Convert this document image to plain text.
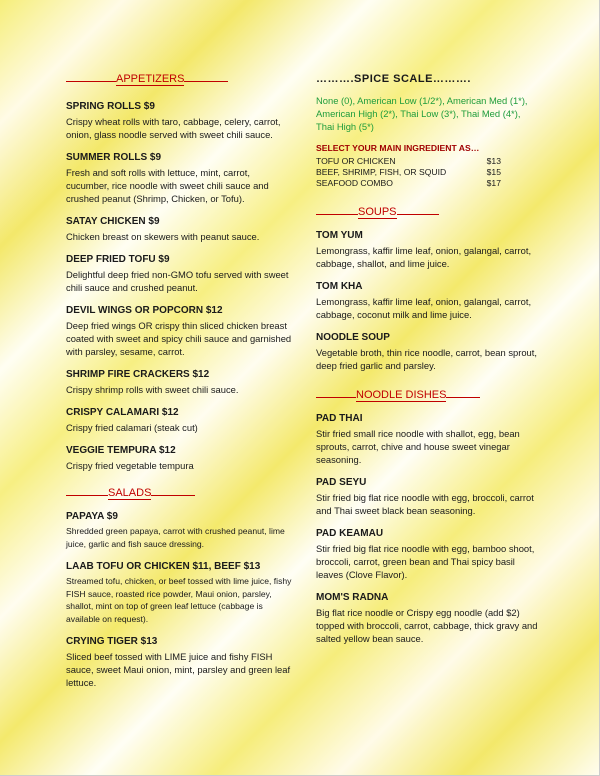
APPETIZERS
SPRING ROLLS $9
Crispy wheat rolls with taro, cabbage, celery, carrot, onion, glass noodle served with sweet chili sauce.
SUMMER ROLLS $9
Fresh and soft rolls with lettuce, mint, carrot, cucumber, rice noodle with sweet chili sauce and crushed peanut (Shrimp, Chicken, or Tofu).
SATAY CHICKEN $9
Chicken breast on skewers with peanut sauce.
DEEP FRIED TOFU $9
Delightful deep fried non-GMO tofu served with sweet chili sauce and crushed peanut.
DEVIL WINGS OR POPCORN $12
Deep fried wings OR crispy thin sliced chicken breast coated with sweet and spicy chili sauce and garnished with parsley, sesame, carrot.
SHRIMP FIRE CRACKERS $12
Crispy shrimp rolls with sweet chili sauce.
CRISPY CALAMARI $12
Crispy fried calamari (steak cut)
VEGGIE TEMPURA $12
Crispy fried vegetable tempura
SALADS
PAPAYA $9
Shredded green papaya, carrot with crushed peanut, lime juice, garlic and fish sauce dressing.
LAAB TOFU OR CHICKEN $11, BEEF $13
Streamed tofu, chicken, or beef tossed with lime juice, fishy FISH sauce, roasted rice powder, Maui onion, parsley, shallot, mint on top of green leaf lettuce (cabbage is available on request).
CRYING TIGER $13
Sliced beef tossed with LIME juice and fishy FISH sauce, sweet Maui onion, mint, parsley and green leaf lettuce.
……….SPICE SCALE……….
None (0), American Low (1/2*), American Med (1*), American High (2*), Thai Low (3*), Thai Med (4*), Thai High (5*)
SELECT YOUR MAIN INGREDIENT AS…
TOFU OR CHICKEN	$13
BEEF, SHRIMP, FISH, OR SQUID	$15
SEAFOOD COMBO	$17
SOUPS
TOM YUM
Lemongrass, kaffir lime leaf, onion, galangal, carrot, cabbage, shallot, and lime juice.
TOM KHA
Lemongrass, kaffir lime leaf, onion, galangal, carrot, cabbage, coconut milk and lime juice.
NOODLE SOUP
Vegetable broth, thin rice noodle, carrot, bean sprout, deep fried garlic and parsley.
NOODLE DISHES
PAD THAI
Stir fried small rice noodle with shallot, egg, bean sprouts, carrot, chive and house sweet vinegar seasoning.
PAD SEYU
Stir fried big flat rice noodle with egg, broccoli, carrot and Thai sweet black bean seasoning.
PAD KEAMAU
Stir fried big flat rice noodle with egg, bamboo shoot, broccoli, carrot, green bean and Thai spicy basil leaves (Clove Flavor).
MOM'S RADNA
Big flat rice noodle or Crispy egg noodle (add $2) topped with broccoli, carrot, cabbage, thick gravy and salted yellow bean sauce.
